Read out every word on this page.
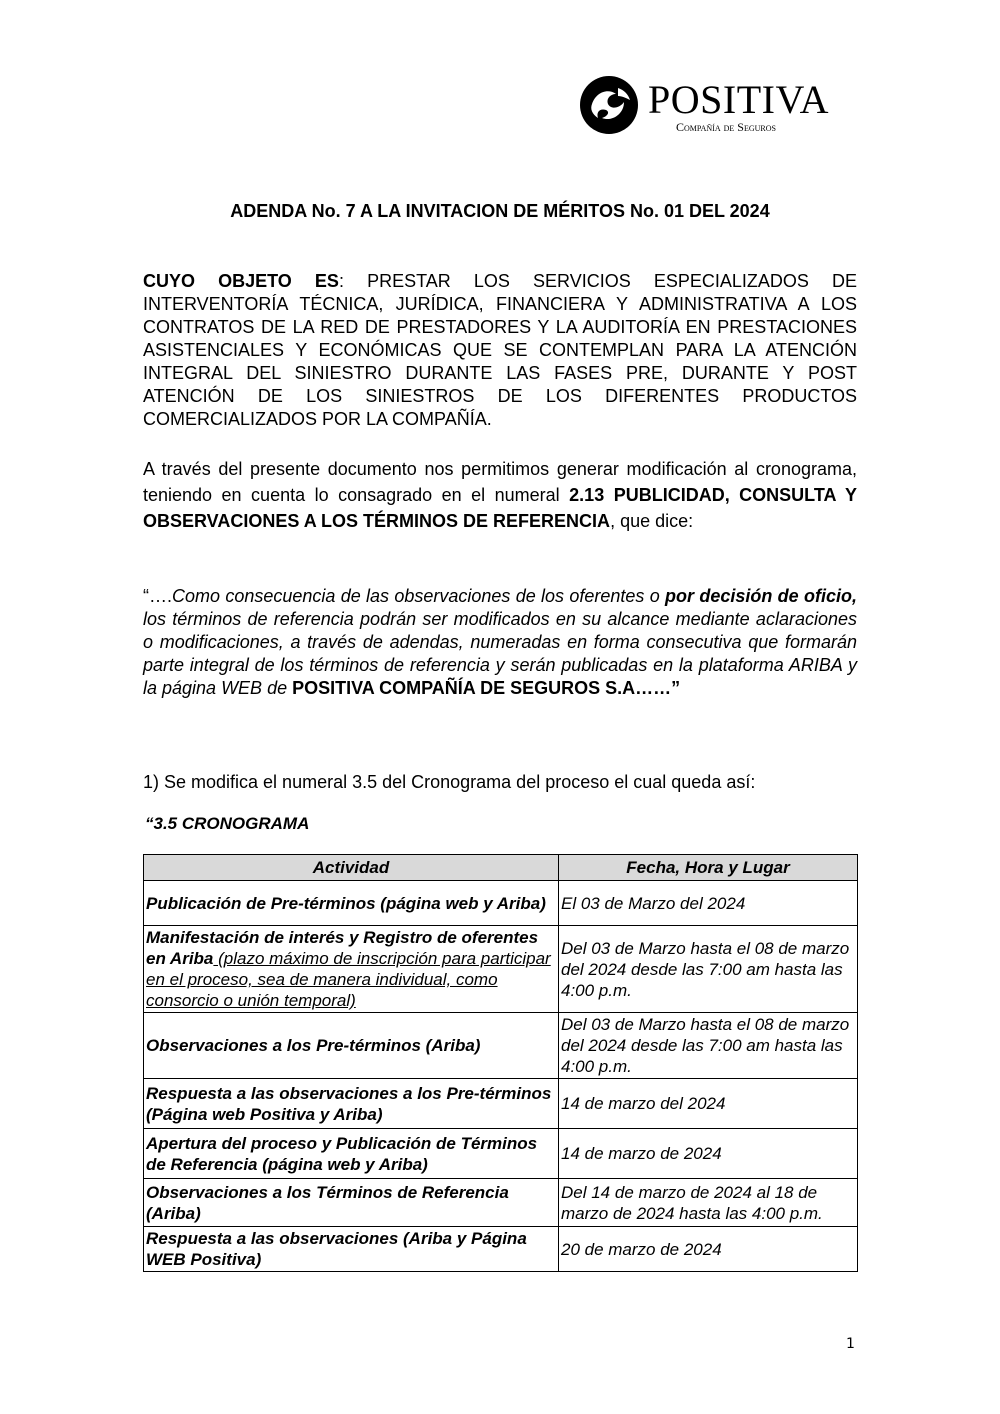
POSITIVA
Compañía de Seguros
ADENDA No. 7 A LA INVITACION DE MÉRITOS No. 01 DEL 2024

CUYO OBJETO ES: PRESTAR LOS SERVICIOS ESPECIALIZADOS DE INTERVENTORÍA TÉCNICA, JURÍDICA, FINANCIERA Y ADMINISTRATIVA A LOS CONTRATOS DE LA RED DE PRESTADORES Y LA AUDITORÍA EN PRESTACIONES ASISTENCIALES Y ECONÓMICAS QUE SE CONTEMPLAN PARA LA ATENCIÓN INTEGRAL DEL SINIESTRO DURANTE LAS FASES PRE, DURANTE Y POST ATENCIÓN DE LOS SINIESTROS DE LOS DIFERENTES PRODUCTOS COMERCIALIZADOS POR LA COMPAÑÍA.

A través del presente documento nos permitimos generar modificación al cronograma, teniendo en cuenta lo consagrado en el numeral 2.13 PUBLICIDAD, CONSULTA Y OBSERVACIONES A LOS TÉRMINOS DE REFERENCIA, que dice:

“….Como consecuencia de las observaciones de los oferentes o por decisión de oficio, los términos de referencia podrán ser modificados en su alcance mediante aclaraciones o modificaciones, a través de adendas, numeradas en forma consecutiva que formarán parte integral de los términos de referencia y serán publicadas en la plataforma ARIBA y la página WEB de POSITIVA COMPAÑÍA DE SEGUROS S.A……”

1) Se modifica el numeral 3.5 del Cronograma del proceso el cual queda así:

“3.5 CRONOGRAMA
Actividad	Fecha, Hora y Lugar
Publicación de Pre-términos (página web y Ariba)	El 03 de Marzo del 2024
Manifestación de interés y Registro de oferentes en Ariba (plazo máximo de inscripción para participar en el proceso, sea de manera individual, como consorcio o unión temporal)	Del 03 de Marzo hasta el 08 de marzo del 2024 desde las 7:00 am hasta las 4:00 p.m.
Observaciones a los Pre-términos (Ariba)	Del 03 de Marzo hasta el 08 de marzo del 2024 desde las 7:00 am hasta las 4:00 p.m.
Respuesta a las observaciones a los Pre-términos (Página web Positiva y Ariba)	14 de marzo del 2024
Apertura del proceso y Publicación de Términos de Referencia (página web y Ariba)	14 de marzo de 2024
Observaciones a los Términos de Referencia (Ariba)	Del 14 de marzo de 2024 al 18 de marzo de 2024 hasta las 4:00 p.m.
Respuesta a las observaciones (Ariba y Página WEB Positiva)	20 de marzo de 2024
1
